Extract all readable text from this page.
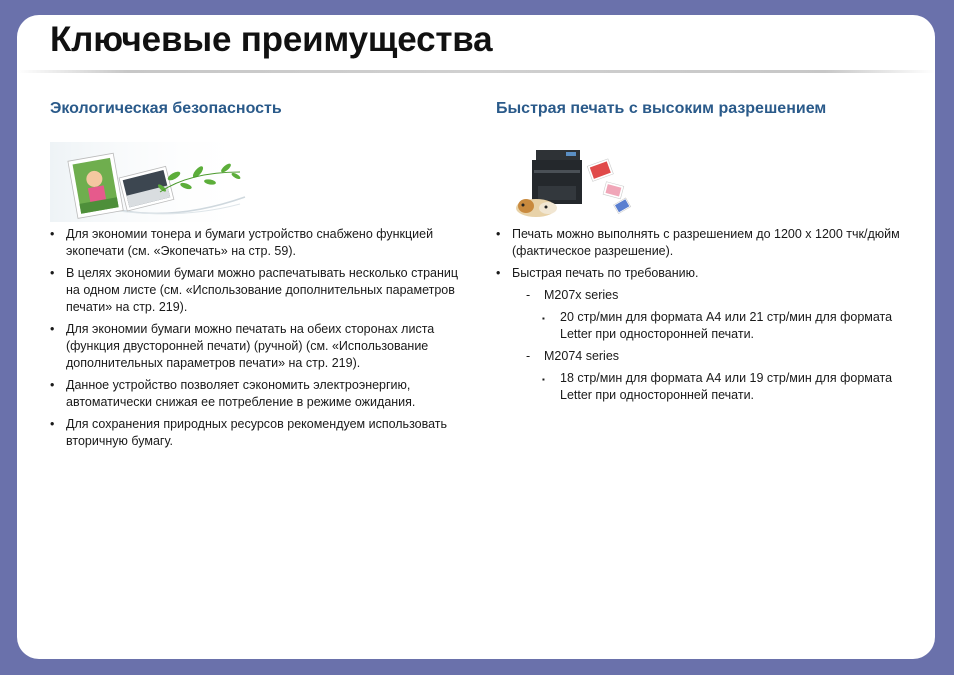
Ключевые преимущества
Экологическая безопасность
• Для экономии тонера и бумаги устройство снабжено функцией экопечати (см. «Экопечать» на стр. 59).
• В целях экономии бумаги можно распечатывать несколько страниц на одном листе (см. «Использование дополнительных параметров печати» на стр. 219).
• Для экономии бумаги можно печатать на обеих сторонах листа (функция двусторонней печати) (ручной) (см. «Использование дополнительных параметров печати» на стр. 219).
• Данное устройство позволяет сэкономить электроэнергию, автоматически снижая ее потребление в режиме ожидания.
• Для сохранения природных ресурсов рекомендуем использовать вторичную бумагу.
Быстрая печать с высоким разрешением
• Печать можно выполнять с разрешением до 1200 x 1200 тчк/дюйм (фактическое разрешение).
• Быстрая печать по требованию.
- M207x series
▪ 20 стр/мин для формата A4 или 21 стр/мин для формата Letter при односторонней печати.
- M2074 series
▪ 18 стр/мин для формата A4 или 19 стр/мин для формата Letter при односторонней печати.
